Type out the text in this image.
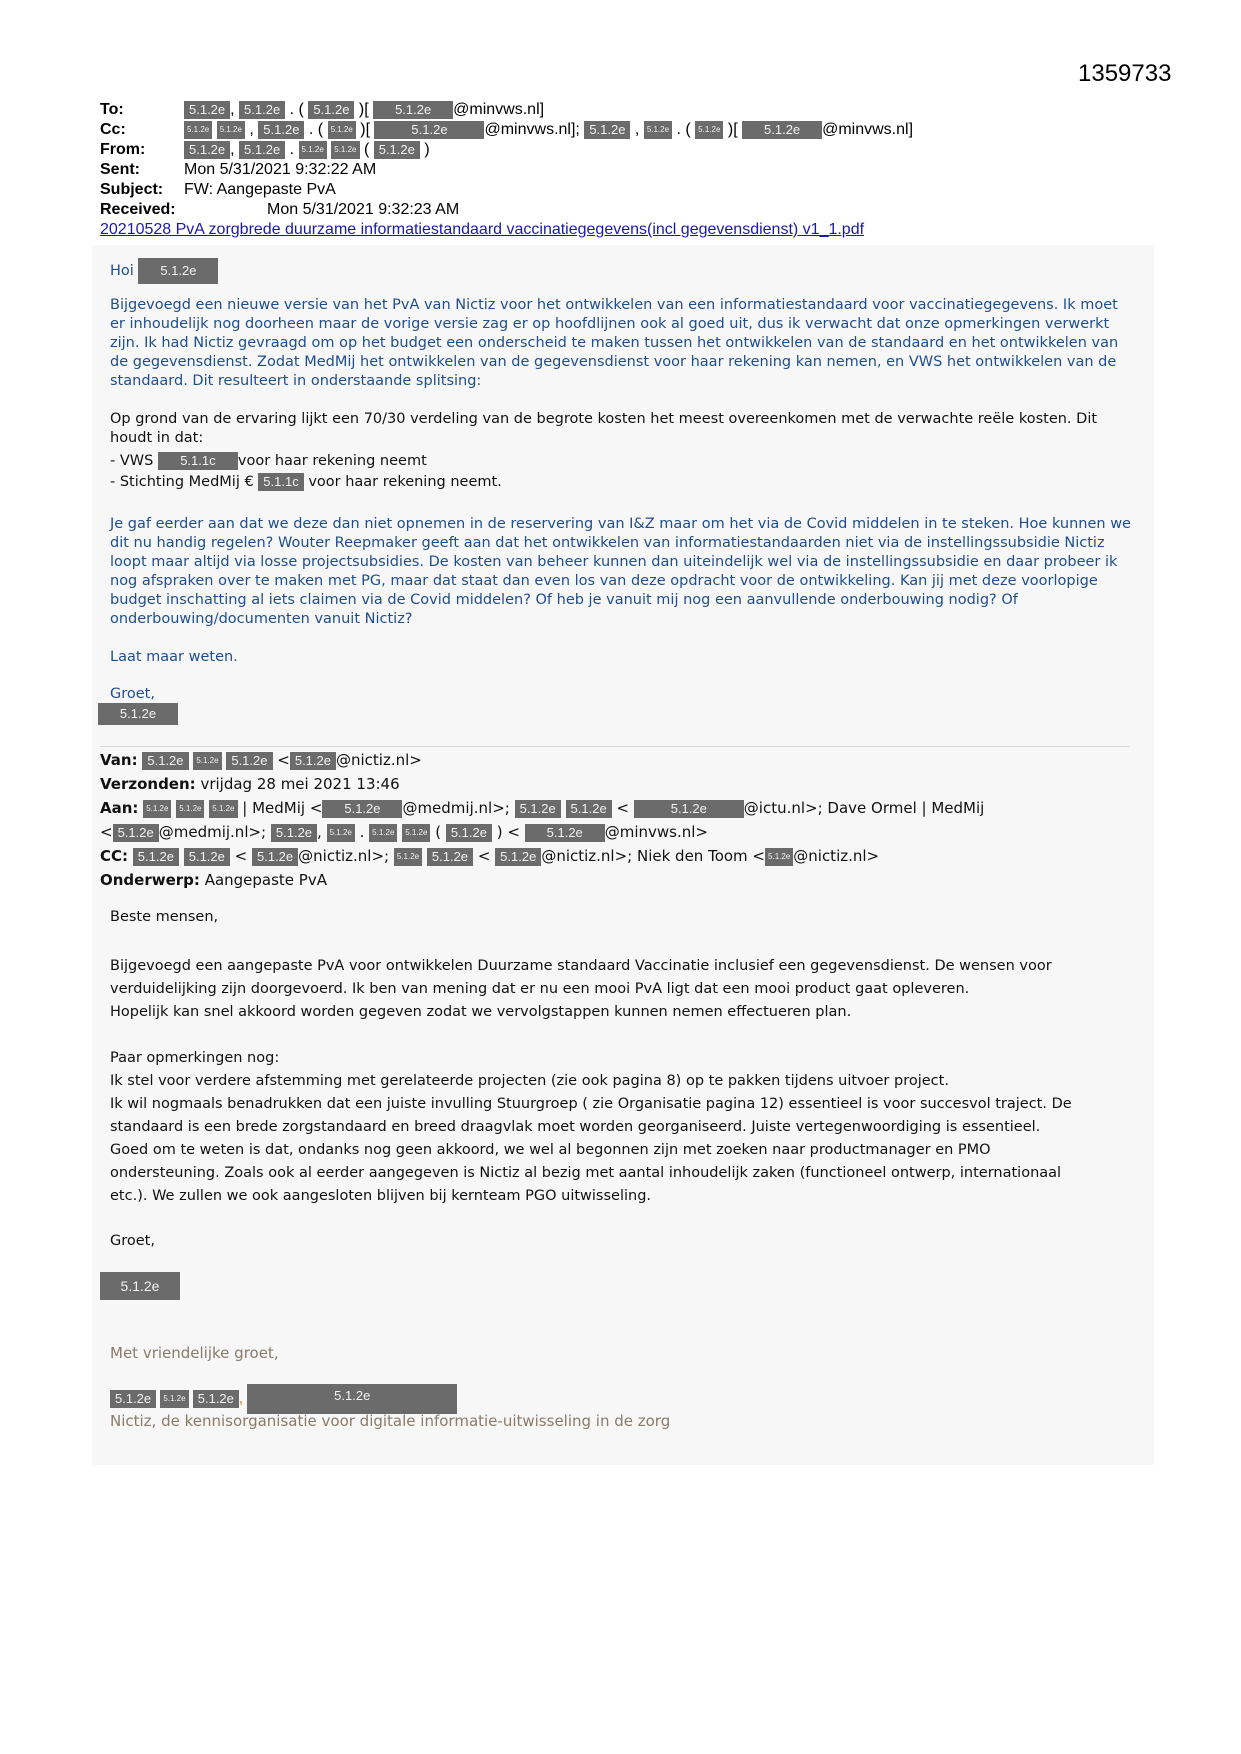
1359733
To:	5.1.2e , 5.1.2e . ( 5.1.2e )[ 5.1.2e @minvws.nl]
Cc:	5.1.2e 5.1.2e , 5.1.2e . ( 5.1.2e )[	5.1.2e @minvws.nl]; 5.1.2e , 5.1.2e . ( 5.1.2e )[ 5.1.2e @minvws.nl]
From:	5.1.2e , 5.1.2e . 5.1.2e 5.1.2e ( 5.1.2e )
Sent:	Mon 5/31/2021 9:32:22 AM
Subject: FW: Aangepaste PvA
Received:	Mon 5/31/2021 9:32:23 AM
20210528 PvA zorgbrede duurzame informatiestandaard vaccinatiegegevens(incl gegevensdienst) v1_1.pdf
Hoi 5.1.2e
Bijgevoegd een nieuwe versie van het PvA van Nictiz voor het ontwikkelen van een informatiestandaard voor vaccinatiegegevens. Ik moet er inhoudelijk nog doorheen maar de vorige versie zag er op hoofdlijnen ook al goed uit, dus ik verwacht dat onze opmerkingen verwerkt zijn. Ik had Nictiz gevraagd om op het budget een onderscheid te maken tussen het ontwikkelen van de standaard en het ontwikkelen van de gegevensdienst. Zodat MedMij het ontwikkelen van de gegevensdienst voor haar rekening kan nemen, en VWS het ontwikkelen van de standaard. Dit resulteert in onderstaande splitsing:
Op grond van de ervaring lijkt een 70/30 verdeling van de begrote kosten het meest overeenkomen met de verwachte reële kosten. Dit houdt in dat:
- VWS 5.1.1c voor haar rekening neemt
- Stichting MedMij € 5.1.1c voor haar rekening neemt.
Je gaf eerder aan dat we deze dan niet opnemen in de reservering van I&Z maar om het via de Covid middelen in te steken. Hoe kunnen we dit nu handig regelen? Wouter Reepmaker geeft aan dat het ontwikkelen van informatiestandaarden niet via de instellingssubsidie Nictiz loopt maar altijd via losse projectsubsidies. De kosten van beheer kunnen dan uiteindelijk wel via de instellingssubsidie en daar probeer ik nog afspraken over te maken met PG, maar dat staat dan even los van deze opdracht voor de ontwikkeling. Kan jij met deze voorlopige budget inschatting al iets claimen via de Covid middelen? Of heb je vanuit mij nog een aanvullende onderbouwing nodig? Of onderbouwing/documenten vanuit Nictiz?
Laat maar weten.
Groet,
5.1.2e
Van: 5.1.2e 5.1.2e 5.1.2e < 5.1.2e @nictiz.nl>
Verzonden: vrijdag 28 mei 2021 13:46
Aan: 5.1.2e 5.1.2e 5.1.2e | MedMij < 5.1.2e @medmij.nl>; 5.1.2e 5.1.2e <	5.1.2e @ictu.nl>; Dave Ormel | MedMij
< 5.1.2e @medmij.nl>; 5.1.2e , 5.1.2e . 5.1.2e 5.1.2e ( 5.1.2e ) < 5.1.2e @minvws.nl>
CC: 5.1.2e 5.1.2e < 5.1.2e @nictiz.nl>; 5.1.2e 5.1.2e < 5.1.2e @nictiz.nl>; Niek den Toom < 5.1.2e @nictiz.nl>
Onderwerp: Aangepaste PvA
Beste mensen,

Bijgevoegd een aangepaste PvA voor ontwikkelen Duurzame standaard Vaccinatie inclusief een gegevensdienst. De wensen voor

verduidelijking zijn doorgevoerd. Ik ben van mening dat er nu een mooi PvA ligt dat een mooi product gaat opleveren.

Hopelijk kan snel akkoord worden gegeven zodat we vervolgstappen kunnen nemen effectueren plan.

Paar opmerkingen nog:

Ik stel voor verdere afstemming met gerelateerde projecten (zie ook pagina 8) op te pakken tijdens uitvoer project.

Ik wil nogmaals benadrukken dat een juiste invulling Stuurgroep ( zie Organisatie pagina 12) essentieel is voor succesvol traject. De

standaard is een brede zorgstandaard en breed draagvlak moet worden georganiseerd. Juiste vertegenwoordiging is essentieel.

Goed om te weten is dat, ondanks nog geen akkoord, we wel al begonnen zijn met zoeken naar productmanager en PMO

ondersteuning. Zoals ook al eerder aangegeven is Nictiz al bezig met aantal inhoudelijk zaken (functioneel ontwerp, internationaal

etc.). We zullen we ook aangesloten blijven bij kernteam PGO uitwisseling.

Groet,
5.1.2e
Met vriendelijke groet,
5.1.2e 5.1.2e 5.1.2e ,	5.1.2e
Nictiz, de kennisorganisatie voor digitale informatie-uitwisseling in de zorg
